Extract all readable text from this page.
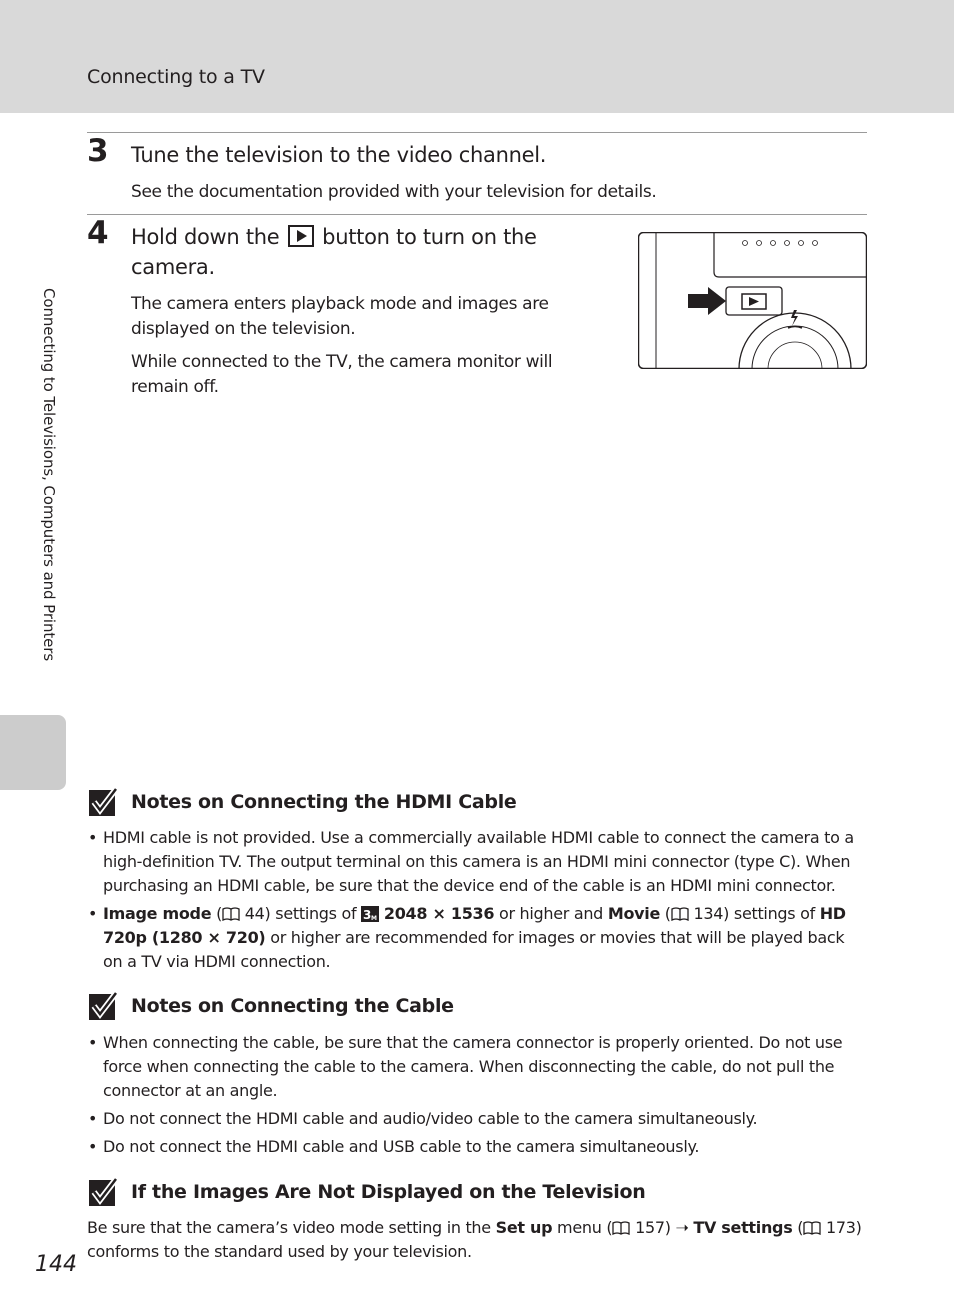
Connecting to a TV
Connecting to Televisions, Computers and Printers
3 Tune the television to the video channel.
See the documentation provided with your television for details.
4 Hold down the button to turn on the
camera.
The camera enters playback mode and images are displayed on the television.
While connected to the TV, the camera monitor will remain off.
Notes on Connecting the HDMI Cable
• HDMI cable is not provided. Use a commercially available HDMI cable to connect the camera to a high-definition TV. The output terminal on this camera is an HDMI mini connector (type C). When purchasing an HDMI cable, be sure that the device end of the cable is an HDMI mini connector.
• Image mode ( 44) settings of 3 M 2048 × 1536 or higher and Movie ( 134) settings of HD 720p (1280 × 720) or higher are recommended for images or movies that will be played back on a TV via HDMI connection.
Notes on Connecting the Cable
• When connecting the cable, be sure that the camera connector is properly oriented. Do not use force when connecting the cable to the camera. When disconnecting the cable, do not pull the connector at an angle.
• Do not connect the HDMI cable and audio/video cable to the camera simultaneously.
• Do not connect the HDMI cable and USB cable to the camera simultaneously.
If the Images Are Not Displayed on the Television
Be sure that the camera’s video mode setting in the Set up menu ( 157) ➝ TV settings ( 173) conforms to the standard used by your television.
144
